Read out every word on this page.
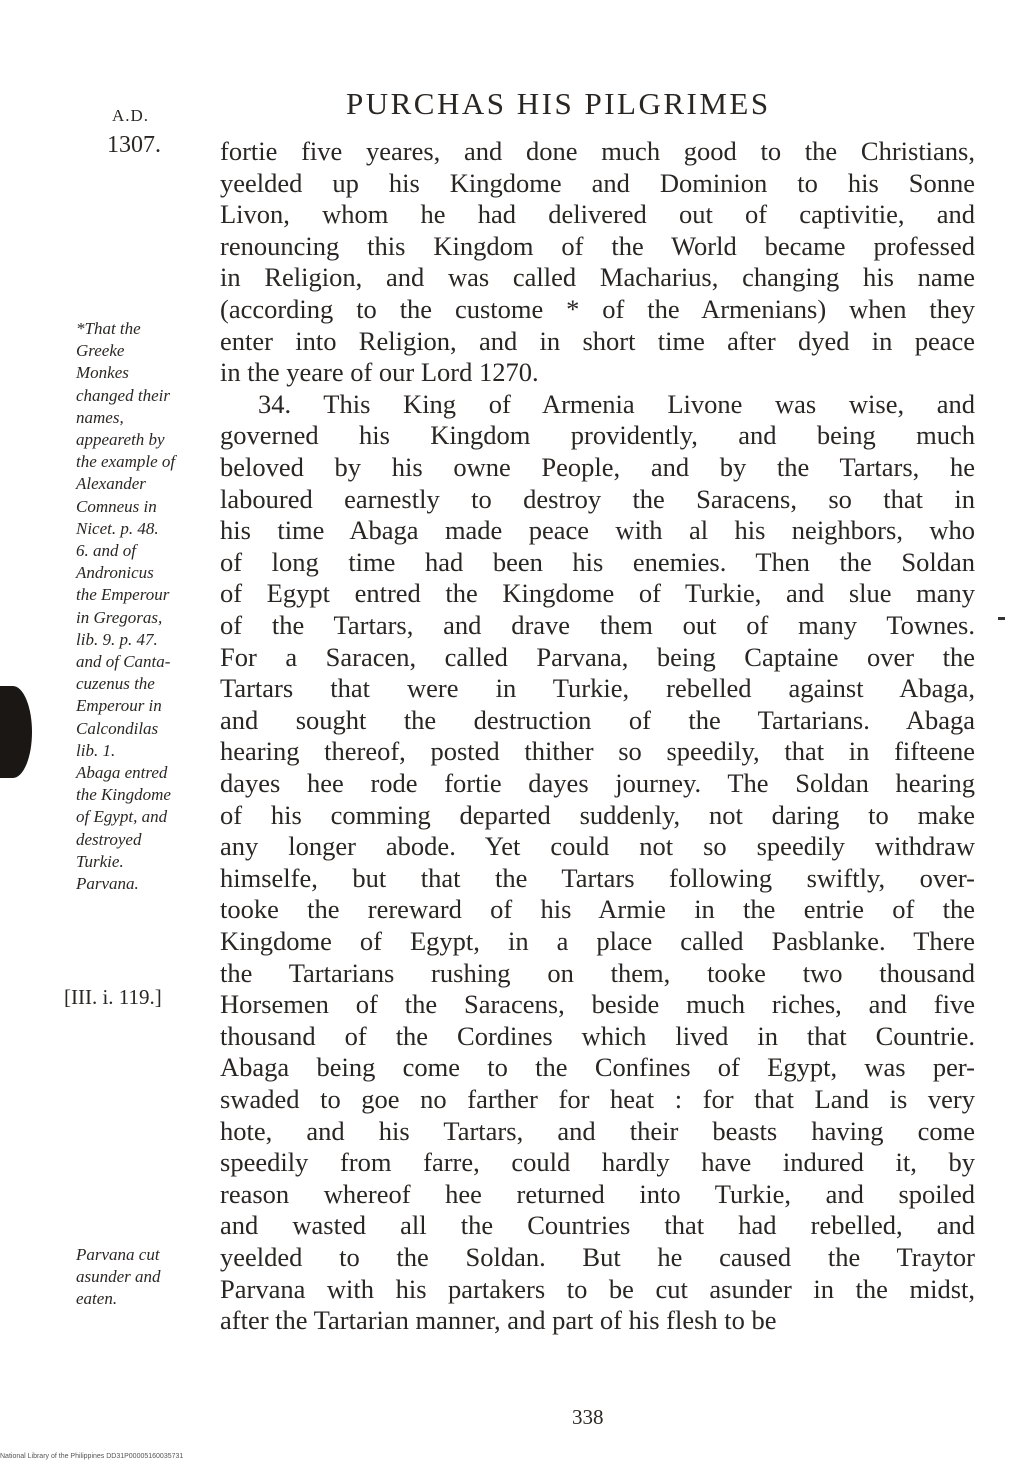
A.D.
1307.
PURCHAS HIS PILGRIMES
fortie five yeares, and done much good to the Christians,
yeelded up his Kingdome and Dominion to his Sonne
Livon, whom he had delivered out of captivitie, and
renouncing this Kingdom of the World became professed
in Religion, and was called Macharius, changing his name
(according to the custome * of the Armenians) when they
enter into Religion, and in short time after dyed in peace
in the yeare of our Lord 1270.
34. This King of Armenia Livone was wise, and
governed his Kingdom providently, and being much
beloved by his owne People, and by the Tartars, he
laboured earnestly to destroy the Saracens, so that in
his time Abaga made peace with al his neighbors, who
of long time had been his enemies. Then the Soldan
of Egypt entred the Kingdome of Turkie, and slue many
of the Tartars, and drave them out of many Townes.
For a Saracen, called Parvana, being Captaine over the
Tartars that were in Turkie, rebelled against Abaga,
and sought the destruction of the Tartarians. Abaga
hearing thereof, posted thither so speedily, that in fifteene
dayes hee rode fortie dayes journey. The Soldan hearing
of his comming departed suddenly, not daring to make
any longer abode. Yet could not so speedily withdraw
himselfe, but that the Tartars following swiftly, over-
tooke the rereward of his Armie in the entrie of the
Kingdome of Egypt, in a place called Pasblanke. There
the Tartarians rushing on them, tooke two thousand
Horsemen of the Saracens, beside much riches, and five
thousand of the Cordines which lived in that Countrie.
Abaga being come to the Confines of Egypt, was per-
swaded to goe no farther for heat : for that Land is very
hote, and his Tartars, and their beasts having come
speedily from farre, could hardly have indured it, by
reason whereof hee returned into Turkie, and spoiled
and wasted all the Countries that had rebelled, and
yeelded to the Soldan. But he caused the Traytor
Parvana with his partakers to be cut asunder in the midst,
after the Tartarian manner, and part of his flesh to be
*That the
Greeke
Monkes
changed their
names,
appeareth by
the example of
Alexander
Comneus in
Nicet. p. 48.
6. and of
Andronicus
the Emperour
in Gregoras,
lib. 9. p. 47.
and of Canta-
cuzenus the
Emperour in
Calcondilas
lib. 1.
Abaga entred
the Kingdome
of Egypt, and
destroyed
Turkie.
Parvana.
[III. i. 119.]
Parvana cut
asunder and
eaten.
338
National Library of the Philippines DD31P00005160035731
